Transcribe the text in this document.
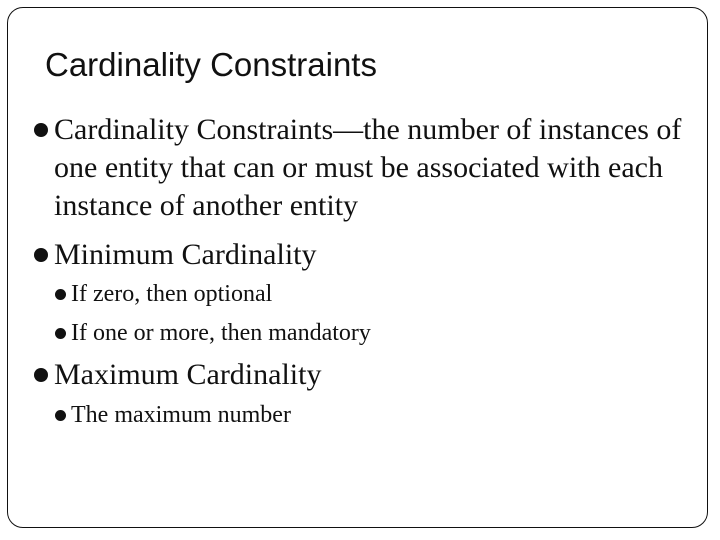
Cardinality Constraints
Cardinality Constraints—the number of instances of one entity that can or must be associated with each instance of another entity
Minimum Cardinality
If zero, then optional
If one or more, then mandatory
Maximum Cardinality
The maximum number
